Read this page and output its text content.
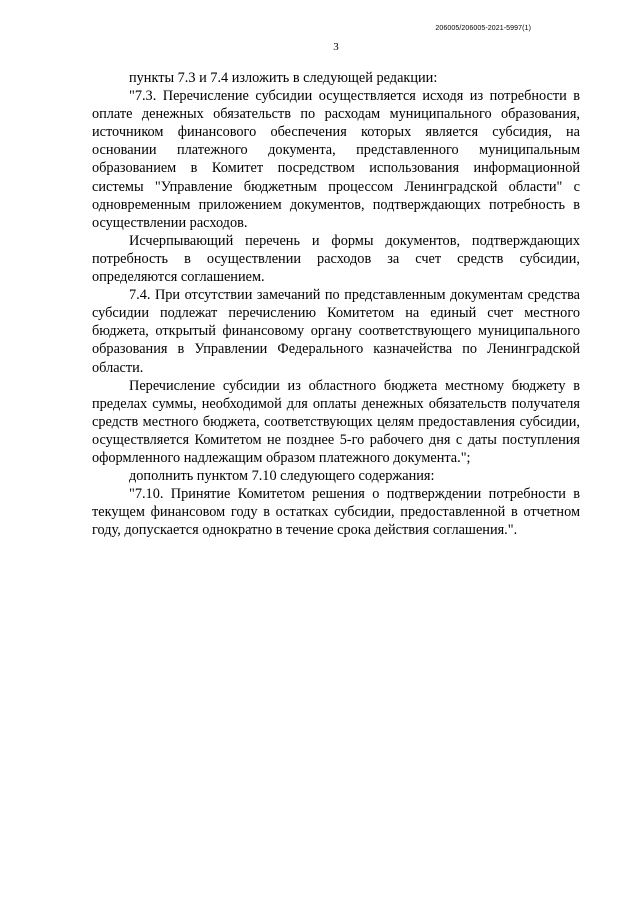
206005/206005-2021-5997(1)
3

пункты 7.3 и 7.4 изложить в следующей редакции:

"7.3. Перечисление субсидии осуществляется исходя из потребности в оплате денежных обязательств по расходам муниципального образования, источником финансового обеспечения которых является субсидия, на основании платежного документа, представленного муниципальным образованием в Комитет посредством использования информационной системы "Управление бюджетным процессом Ленинградской области" с одновременным приложением документов, подтверждающих потребность в осуществлении расходов.

Исчерпывающий перечень и формы документов, подтверждающих потребность в осуществлении расходов за счет средств субсидии, определяются соглашением.

7.4. При отсутствии замечаний по представленным документам средства субсидии подлежат перечислению Комитетом на единый счет местного бюджета, открытый финансовому органу соответствующего муниципального образования в Управлении Федерального казначейства по Ленинградской области.

Перечисление субсидии из областного бюджета местному бюджету в пределах суммы, необходимой для оплаты денежных обязательств получателя средств местного бюджета, соответствующих целям предоставления субсидии, осуществляется Комитетом не позднее 5-го рабочего дня с даты поступления оформленного надлежащим образом платежного документа.";

дополнить пунктом 7.10 следующего содержания:

"7.10. Принятие Комитетом решения о подтверждении потребности в текущем финансовом году в остатках субсидии, предоставленной в отчетном году, допускается однократно в течение срока действия соглашения.".
